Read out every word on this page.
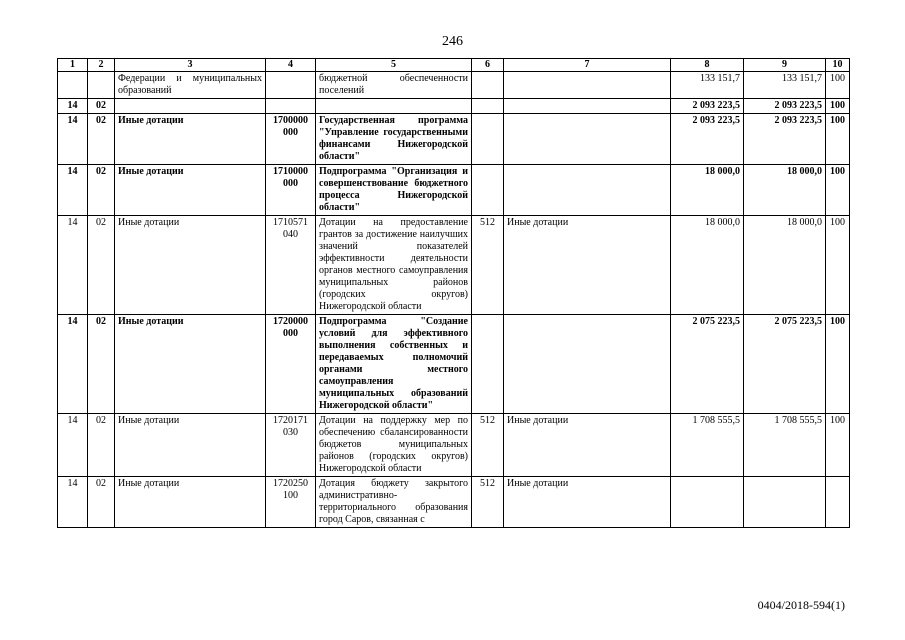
246
1	2	3	4	5	6	7	8	9	10
		Федерации и муниципальных образований		бюджетной обеспеченности поселений			133 151,7	133 151,7	100
14	02						2 093 223,5	2 093 223,5	100
14	02	Иные дотации	1700000 000	Государственная программа "Управление государственными финансами Нижегородской области"			2 093 223,5	2 093 223,5	100
14	02	Иные дотации	1710000 000	Подпрограмма "Организация и совершенствование бюджетного процесса Нижегородской области"			18 000,0	18 000,0	100
14	02	Иные дотации	1710571 040	Дотации на предоставление грантов за достижение наилучших значений показателей эффективности деятельности органов местного самоуправления муниципальных районов (городских округов) Нижегородской области	512	Иные дотации	18 000,0	18 000,0	100
14	02	Иные дотации	1720000 000	Подпрограмма "Создание условий для эффективного выполнения собственных и передаваемых полномочий органами местного самоуправления муниципальных образований Нижегородской области"			2 075 223,5	2 075 223,5	100
14	02	Иные дотации	1720171 030	Дотации на поддержку мер по обеспечению сбалансированности бюджетов муниципальных районов (городских округов) Нижегородской области	512	Иные дотации	1 708 555,5	1 708 555,5	100
14	02	Иные дотации	1720250 100	Дотация бюджету закрытого административно-территориального образования город Саров, связанная с	512	Иные дотации			
0404/2018-594(1)
